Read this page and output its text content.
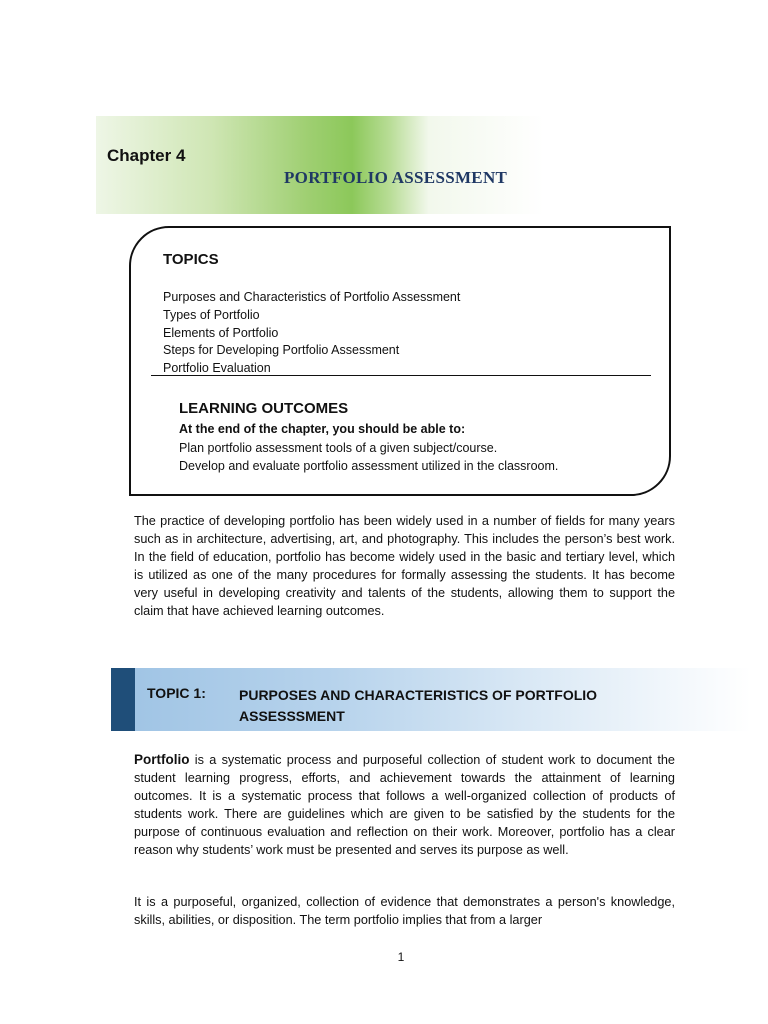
Chapter 4
PORTFOLIO ASSESSMENT
TOPICS
Purposes and Characteristics of Portfolio Assessment
Types of Portfolio
Elements of Portfolio
Steps for Developing Portfolio Assessment
Portfolio Evaluation
LEARNING OUTCOMES
At the end of the chapter, you should be able to:
Plan portfolio assessment tools of a given subject/course.
Develop and evaluate portfolio assessment utilized in the classroom.

The practice of developing portfolio has been widely used in a number of fields for many years such as in architecture, advertising, art, and photography. This includes the person’s best work. In the field of education, portfolio has become widely used in the basic and tertiary level, which is utilized as one of the many procedures for formally assessing the students. It has become very useful in developing creativity and talents of the students, allowing them to support the claim that have achieved learning outcomes.

TOPIC 1: PURPOSES AND CHARACTERISTICS OF PORTFOLIO ASSESSSMENT

Portfolio is a systematic process and purposeful collection of student work to document the student learning progress, efforts, and achievement towards the attainment of learning outcomes. It is a systematic process that follows a well-organized collection of products of students work. There are guidelines which are given to be satisfied by the students for the purpose of continuous evaluation and reflection on their work. Moreover, portfolio has a clear reason why students’ work must be presented and serves its purpose as well.

It is a purposeful, organized, collection of evidence that demonstrates a person's knowledge, skills, abilities, or disposition. The term portfolio implies that from a larger

1
